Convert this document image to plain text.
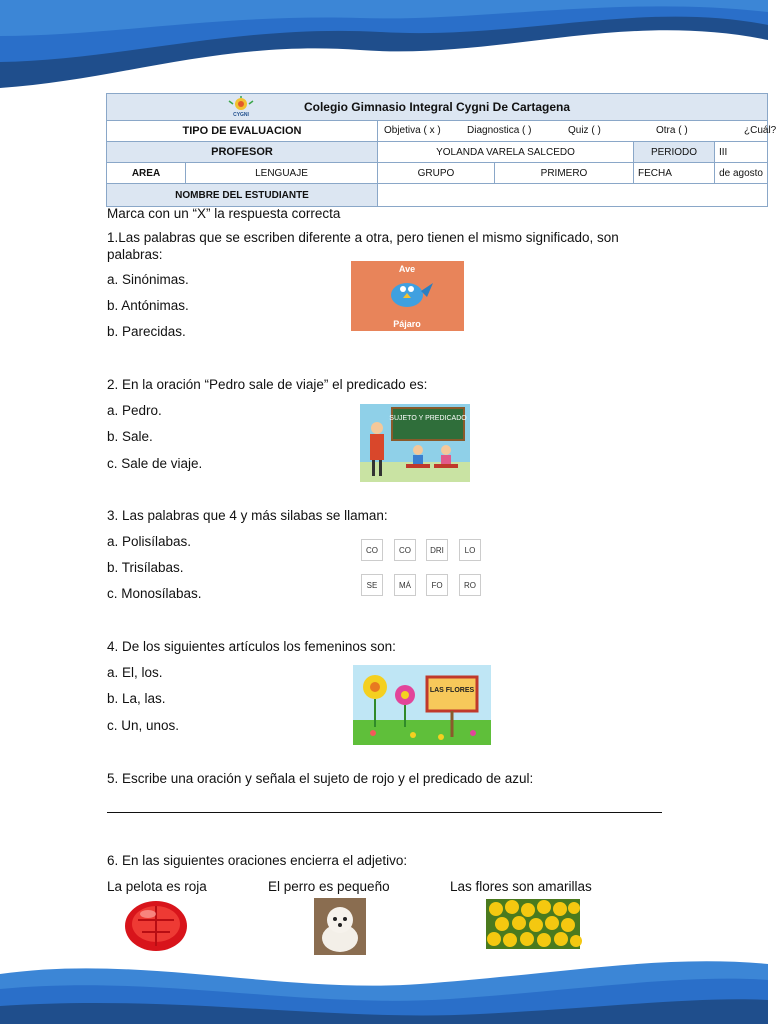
CYGNI
Colegio Gimnasio Integral Cygni De Cartagena					
TIPO DE EVALUACION		Objetiva ( x ) Diagnostica ( ) Quiz ( ) Otra ( ) ¿Cuál?			

PROFESOR		YOLANDA VARELA SALCEDO		PERIODO	III
AREA	LENGUAJE	GRUPO	PRIMERO	FECHA	de agosto
NOMBRE DEL ESTUDIANTE					
Marca con un “X” la respuesta correcta
1.Las palabras que se escriben diferente a otra, pero tienen el mismo significado, son palabras:
a. Sinónimas.
b. Antónimas.
b. Parecidas.
Ave
Pájaro
2. En la oración “Pedro sale de viaje” el predicado es:
a. Pedro.
b. Sale.
c. Sale de viaje.
SUJETO Y PREDICADO
3. Las palabras que 4 y más silabas se llaman:
a. Polisílabas.
b. Trisílabas.
c. Monosílabas.
CO	CO	DRI	LO
SE	MÁ	FO	RO
4. De los siguientes artículos los femeninos son:
a. El, los.
b. La, las.
c. Un, unos.
LAS FLORES
5. Escribe una oración y señala el sujeto de rojo y el predicado de azul:
6. En las siguientes oraciones encierra el adjetivo:
La pelota es roja	El perro es pequeño	Las flores son amarillas
